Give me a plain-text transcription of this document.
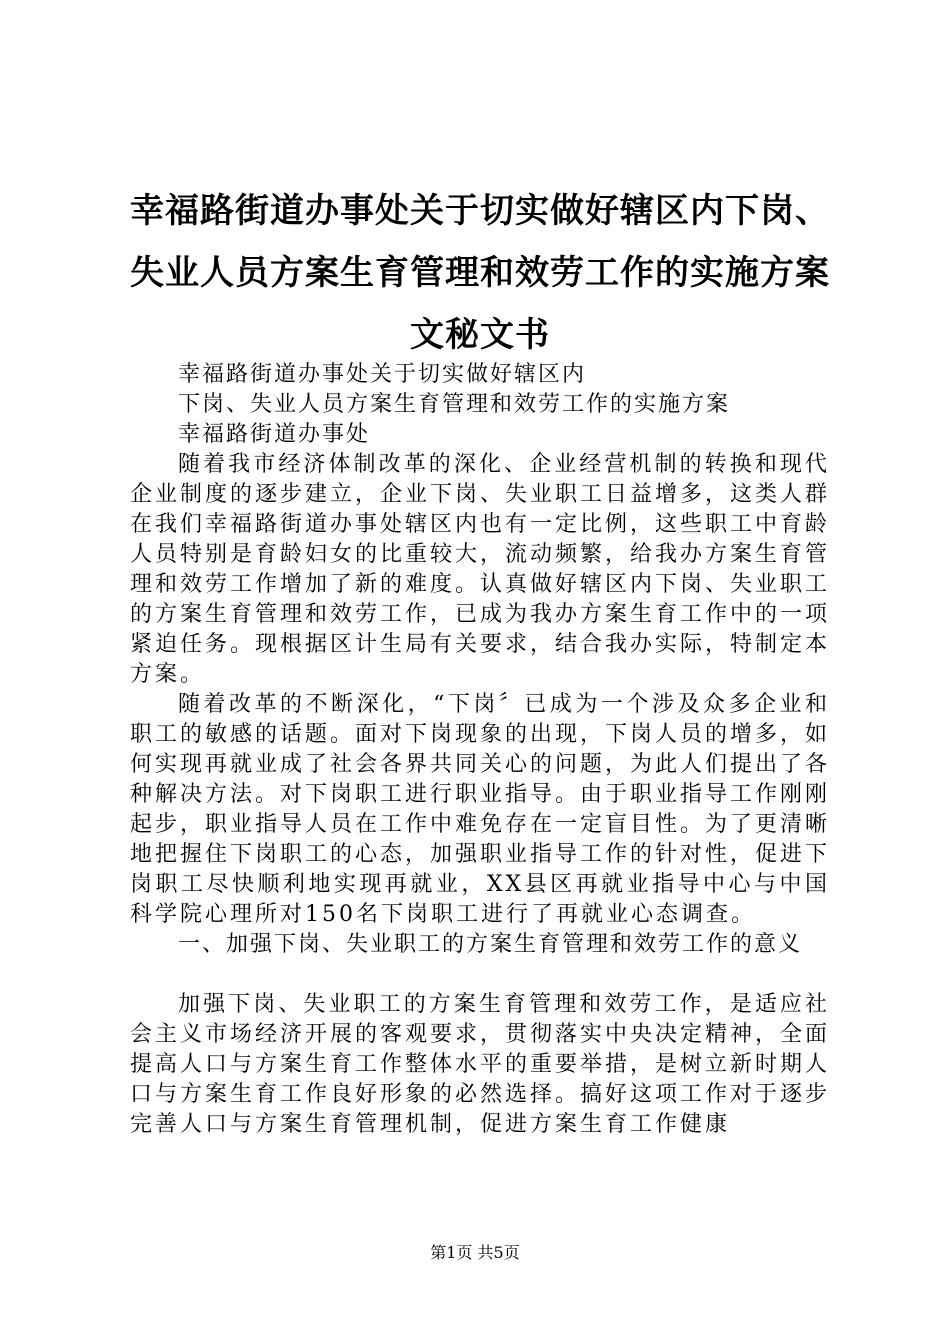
幸福路街道办事处关于切实做好辖区内下岗、
失业人员方案生育管理和效劳工作的实施方案
文秘文书
幸福路街道办事处关于切实做好辖区内
下岗、失业人员方案生育管理和效劳工作的实施方案
幸福路街道办事处

随着我市经济体制改革的深化、企业经营机制的转换和现代企业制度的逐步建立，企业下岗、失业职工日益增多，这类人群在我们幸福路街道办事处辖区内也有一定比例，这些职工中育龄人员特别是育龄妇女的比重较大，流动频繁，给我办方案生育管理和效劳工作增加了新的难度。认真做好辖区内下岗、失业职工的方案生育管理和效劳工作，已成为我办方案生育工作中的一项紧迫任务。现根据区计生局有关要求，结合我办实际，特制定本方案。

随着改革的不断深化，“下岗〞已成为一个涉及众多企业和职工的敏感的话题。面对下岗现象的出现，下岗人员的增多，如何实现再就业成了社会各界共同关心的问题，为此人们提出了各种解决方法。对下岗职工进行职业指导。由于职业指导工作刚刚起步，职业指导人员在工作中难免存在一定盲目性。为了更清晰地把握住下岗职工的心态，加强职业指导工作的针对性，促进下岗职工尽快顺利地实现再就业，XX县区再就业指导中心与中国科学院心理所对150名下岗职工进行了再就业心态调查。

一、加强下岗、失业职工的方案生育管理和效劳工作的意义

加强下岗、失业职工的方案生育管理和效劳工作，是适应社会主义市场经济开展的客观要求，贯彻落实中央决定精神，全面提高人口与方案生育工作整体水平的重要举措，是树立新时期人口与方案生育工作良好形象的必然选择。搞好这项工作对于逐步完善人口与方案生育管理机制，促进方案生育工作健康

第1页 共5页
